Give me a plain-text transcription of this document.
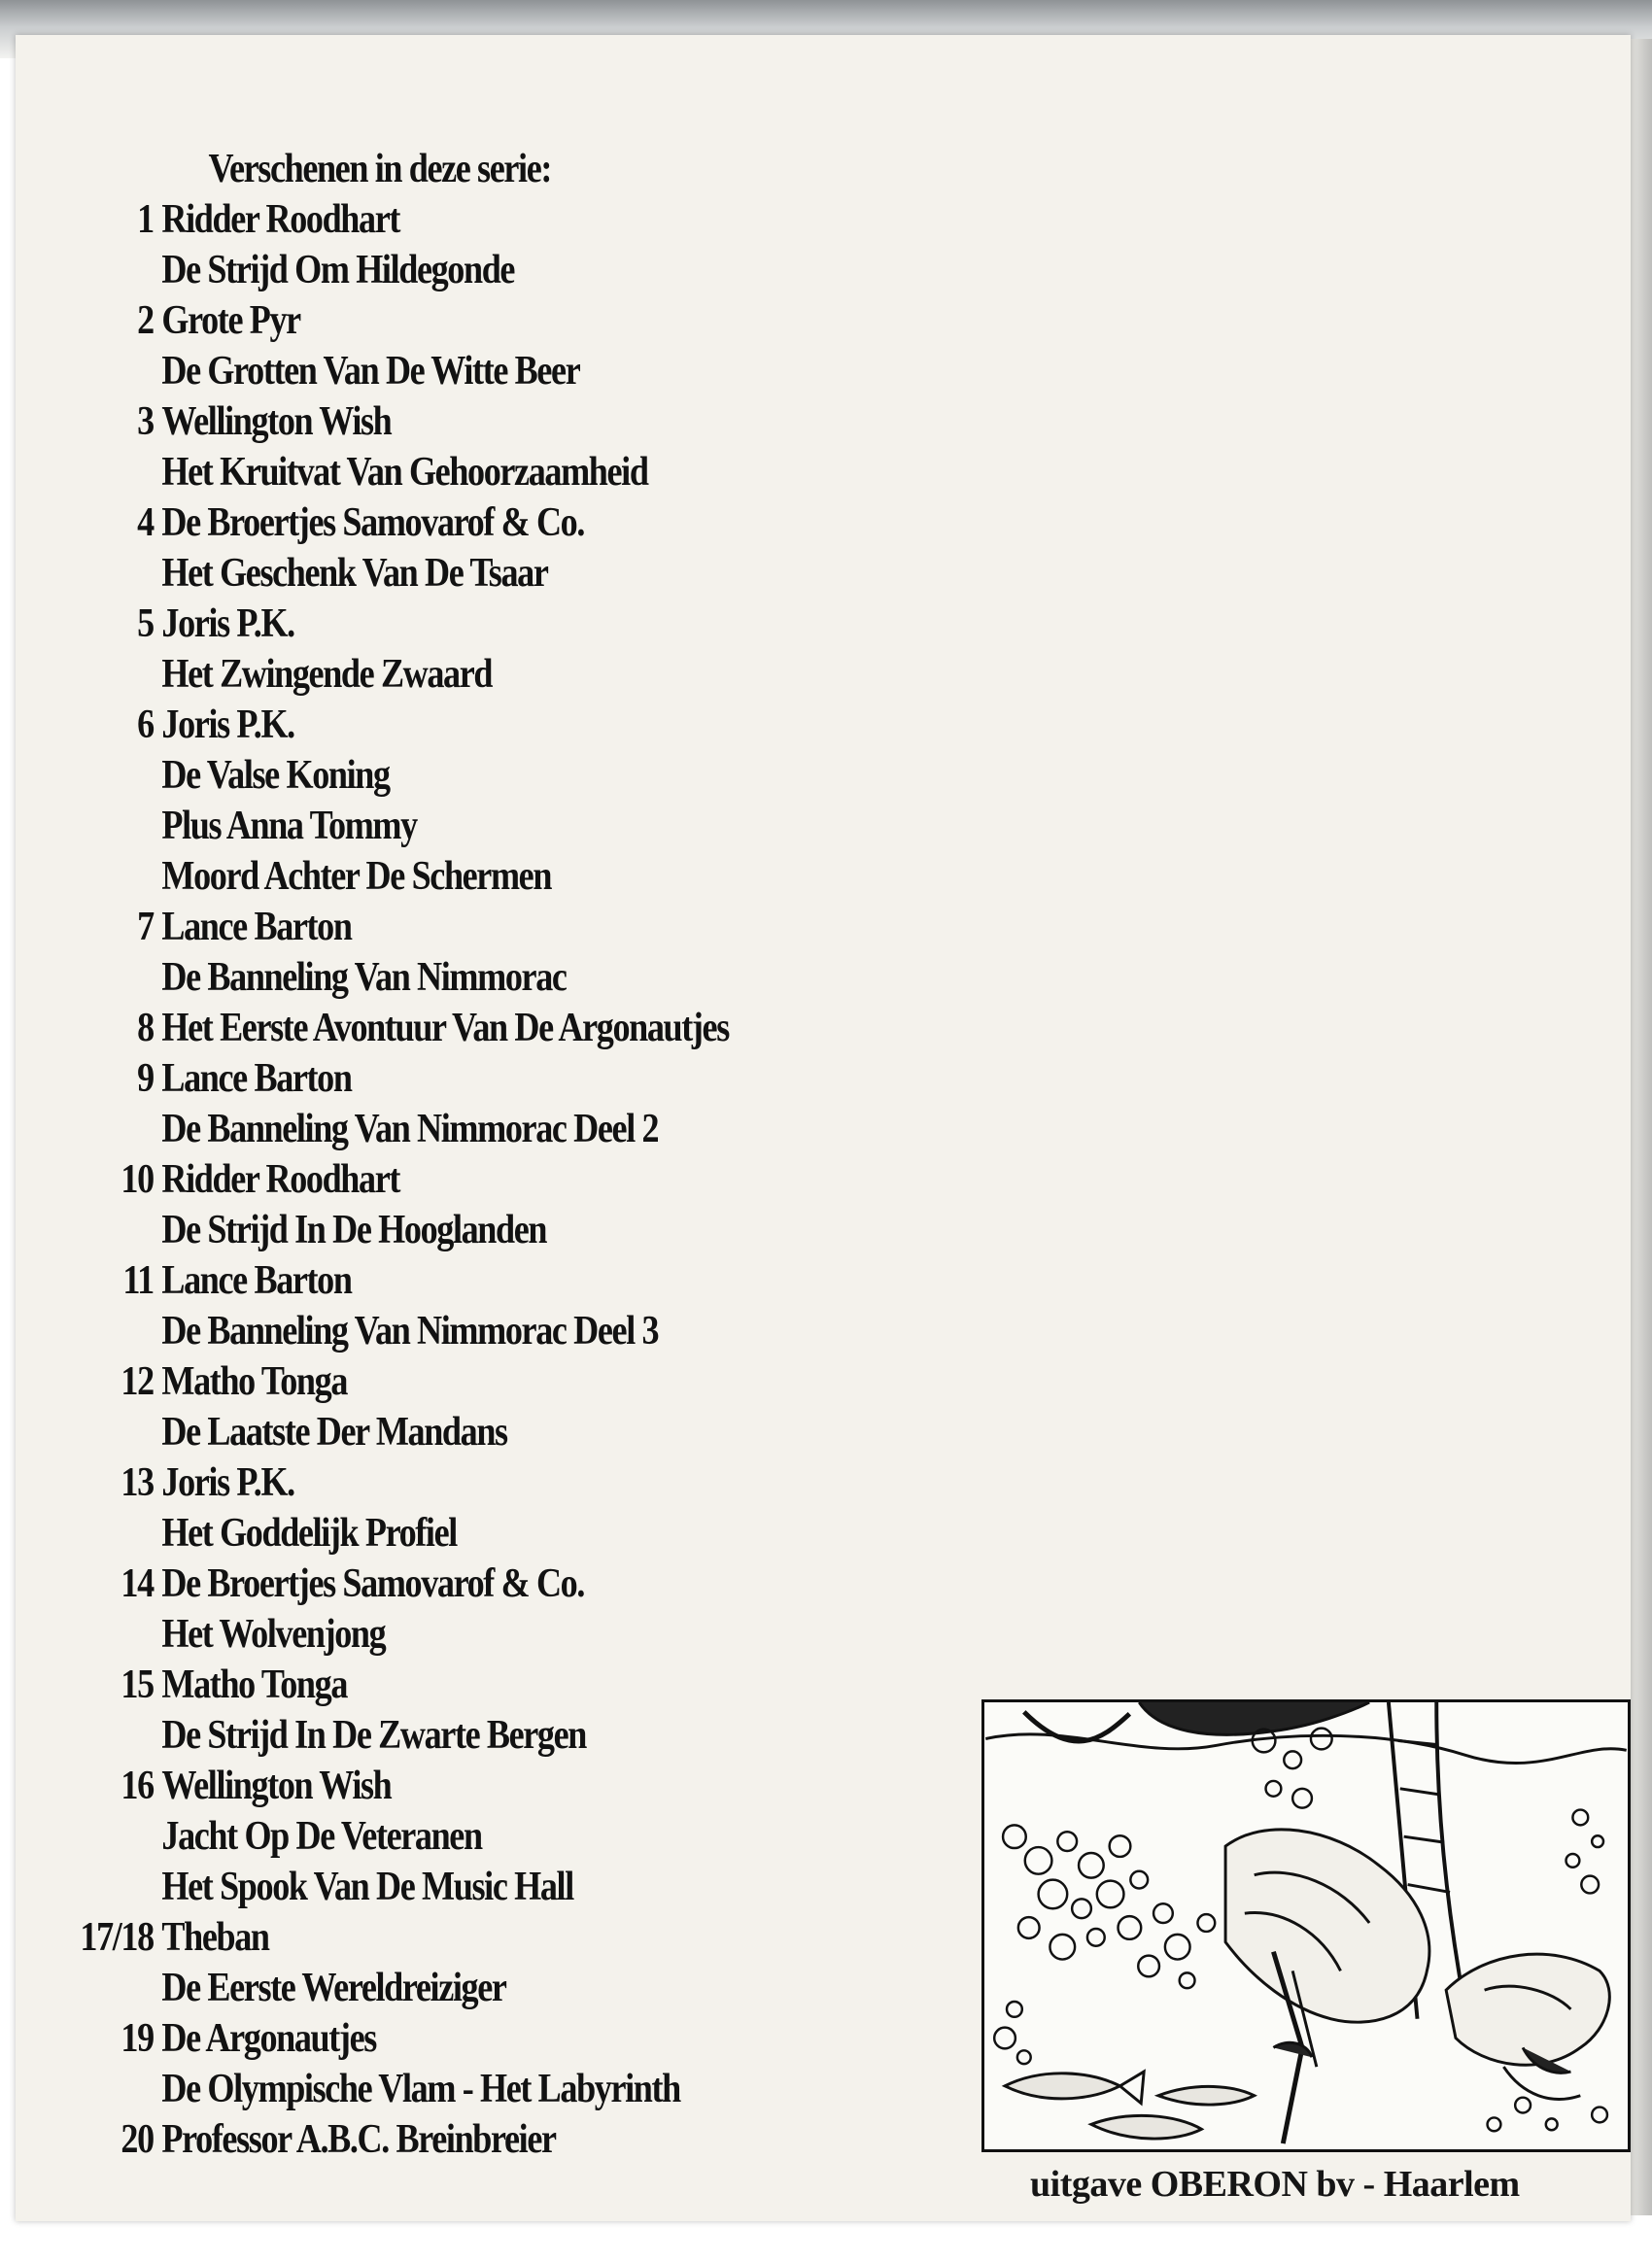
Verschenen in deze serie:
1 Ridder Roodhart
De Strijd Om Hildegonde
2 Grote Pyr
De Grotten Van De Witte Beer
3 Wellington Wish
Het Kruitvat Van Gehoorzaamheid
4 De Broertjes Samovarof & Co.
Het Geschenk Van De Tsaar
5 Joris P.K.
Het Zwingende Zwaard
6 Joris P.K.
De Valse Koning
Plus Anna Tommy
Moord Achter De Schermen
7 Lance Barton
De Banneling Van Nimmorac
8 Het Eerste Avontuur Van De Argonautjes
9 Lance Barton
De Banneling Van Nimmorac Deel 2
10 Ridder Roodhart
De Strijd In De Hooglanden
11 Lance Barton
De Banneling Van Nimmorac Deel 3
12 Matho Tonga
De Laatste Der Mandans
13 Joris P.K.
Het Goddelijk Profiel
14 De Broertjes Samovarof & Co.
Het Wolvenjong
15 Matho Tonga
De Strijd In De Zwarte Bergen
16 Wellington Wish
Jacht Op De Veteranen
Het Spook Van De Music Hall
17/18 Theban
De Eerste Wereldreiziger
19 De Argonautjes
De Olympische Vlam - Het Labyrinth
20 Professor A.B.C. Breinbreier
uitgave OBERON bv - Haarlem
